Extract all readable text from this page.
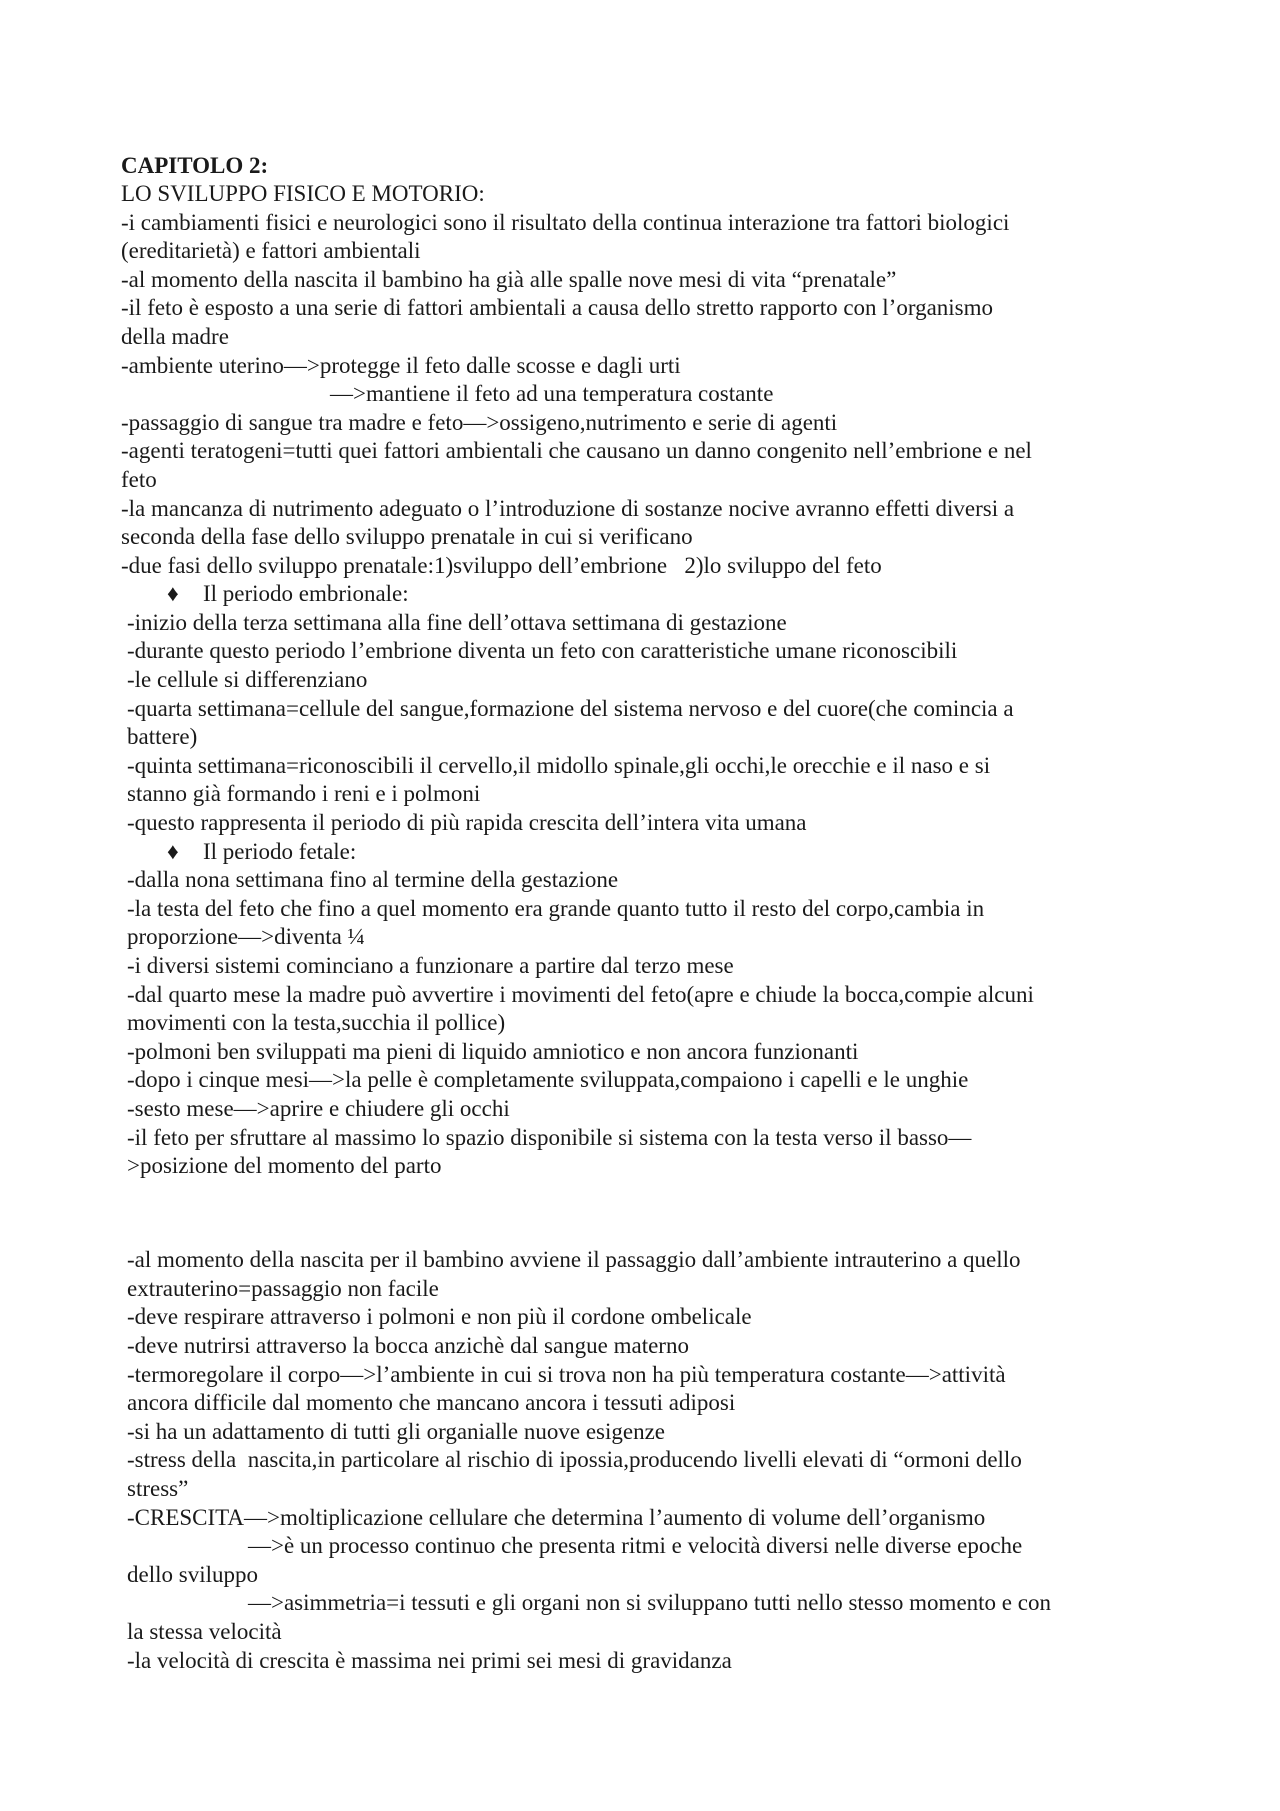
CAPITOLO 2:
LO SVILUPPO FISICO E MOTORIO:
-i cambiamenti fisici e neurologici sono il risultato della continua interazione tra fattori biologici
(ereditarietà) e fattori ambientali
-al momento della nascita il bambino ha già alle spalle nove mesi di vita “prenatale”
-il feto è esposto a una serie di fattori ambientali a causa dello stretto rapporto con l’organismo
della madre
-ambiente uterino—>protegge il feto dalle scosse e dagli urti
—>mantiene il feto ad una temperatura costante
-passaggio di sangue tra madre e feto—>ossigeno,nutrimento e serie di agenti
-agenti teratogeni=tutti quei fattori ambientali che causano un danno congenito nell’embrione e nel
feto
-la mancanza di nutrimento adeguato o l’introduzione di sostanze nocive avranno effetti diversi a
seconda della fase dello sviluppo prenatale in cui si verificano
-due fasi dello sviluppo prenatale:1)sviluppo dell’embrione   2)lo sviluppo del feto
♦ Il periodo embrionale:
-inizio della terza settimana alla fine dell’ottava settimana di gestazione
-durante questo periodo l’embrione diventa un feto con caratteristiche umane riconoscibili
-le cellule si differenziano
-quarta settimana=cellule del sangue,formazione del sistema nervoso e del cuore(che comincia a
battere)
-quinta settimana=riconoscibili il cervello,il midollo spinale,gli occhi,le orecchie e il naso e si
stanno già formando i reni e i polmoni
-questo rappresenta il periodo di più rapida crescita dell’intera vita umana
♦ Il periodo fetale:
-dalla nona settimana fino al termine della gestazione
-la testa del feto che fino a quel momento era grande quanto tutto il resto del corpo,cambia in
proporzione—>diventa ¼
-i diversi sistemi cominciano a funzionare a partire dal terzo mese
-dal quarto mese la madre può avvertire i movimenti del feto(apre e chiude la bocca,compie alcuni
movimenti con la testa,succhia il pollice)
-polmoni ben sviluppati ma pieni di liquido amniotico e non ancora funzionanti
-dopo i cinque mesi—>la pelle è completamente sviluppata,compaiono i capelli e le unghie
-sesto mese—>aprire e chiudere gli occhi
-il feto per sfruttare al massimo lo spazio disponibile si sistema con la testa verso il basso—
>posizione del momento del parto
-al momento della nascita per il bambino avviene il passaggio dall’ambiente intrauterino a quello
extrauterino=passaggio non facile
-deve respirare attraverso i polmoni e non più il cordone ombelicale
-deve nutrirsi attraverso la bocca anzichè dal sangue materno
-termoregolare il corpo—>l’ambiente in cui si trova non ha più temperatura costante—>attività
ancora difficile dal momento che mancano ancora i tessuti adiposi
-si ha un adattamento di tutti gli organialle nuove esigenze
-stress della  nascita,in particolare al rischio di ipossia,producendo livelli elevati di “ormoni dello
stress”
-CRESCITA—>moltiplicazione cellulare che determina l’aumento di volume dell’organismo
—>è un processo continuo che presenta ritmi e velocità diversi nelle diverse epoche
dello sviluppo
—>asimmetria=i tessuti e gli organi non si sviluppano tutti nello stesso momento e con
la stessa velocità
-la velocità di crescita è massima nei primi sei mesi di gravidanza
